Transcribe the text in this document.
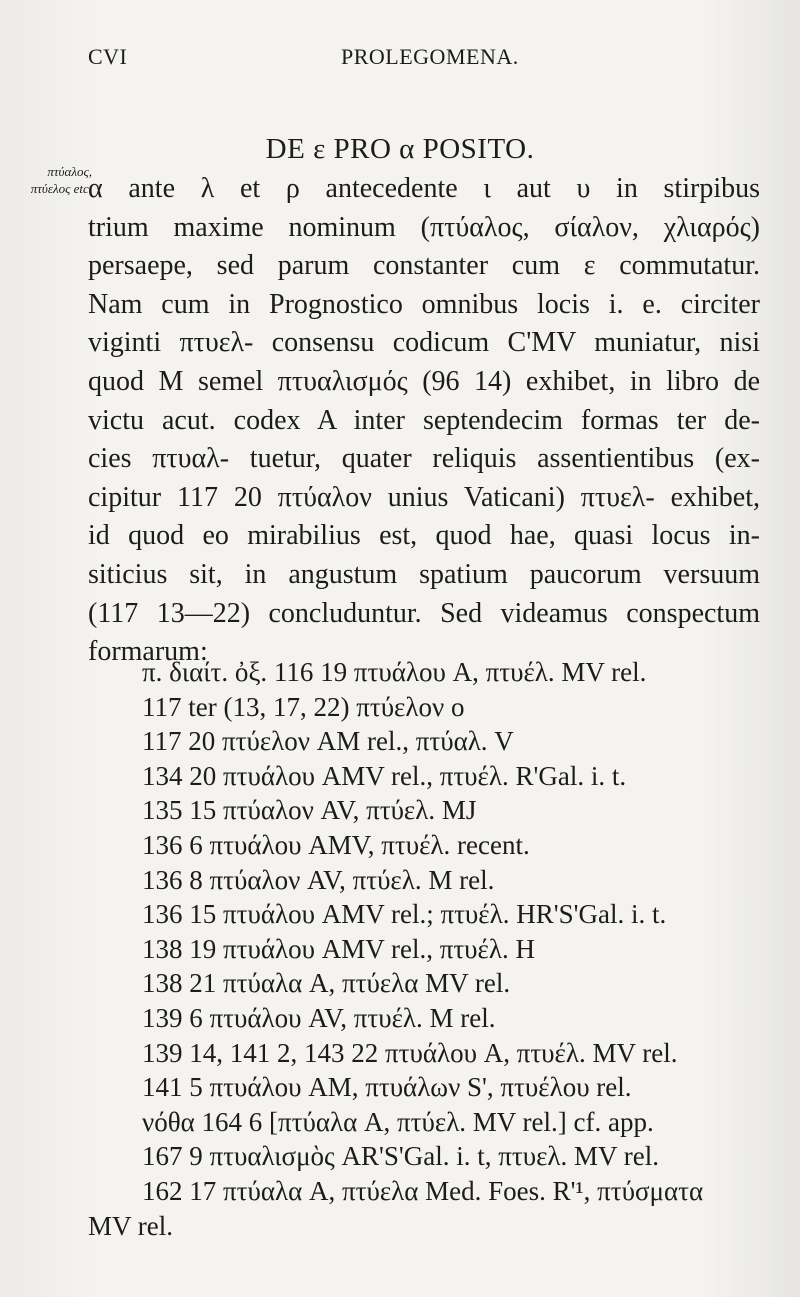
CVI	PROLEGOMENA.
DE ε PRO α POSITO.
πτύαλος,
πτύελος etc.
α ante λ et ρ antecedente ι aut υ in stirpibus
trium maxime nominum (πτύαλος, σίαλον, χλιαρός)
persaepe, sed parum constanter cum ε commutatur.
Nam cum in Prognostico omnibus locis i. e. circiter
viginti πτυελ- consensu codicum C'MV muniatur, nisi
quod M semel πτυαλισμός (96 14) exhibet, in libro de
victu acut. codex A inter septendecim formas ter de-
cies πτυαλ- tuetur, quater reliquis assentientibus (ex-
cipitur 117 20 πτύαλον unius Vaticani) πτυελ- exhibet,
id quod eo mirabilius est, quod hae, quasi locus in-
siticius sit, in angustum spatium paucorum versuum
(117 13—22) concluduntur. Sed videamus conspectum
formarum:
π. διαίτ. ὀξ. 116 19 πτυάλου A, πτυέλ. MV rel.
117 ter (13, 17, 22) πτύελον o
117 20 πτύελον AM rel., πτύαλ. V
134 20 πτυάλου AMV rel., πτυέλ. R'Gal. i. t.
135 15 πτύαλον AV, πτύελ. MJ
136 6 πτυάλου AMV, πτυέλ. recent.
136 8 πτύαλον AV, πτύελ. M rel.
136 15 πτυάλου AMV rel.; πτυέλ. HR'S'Gal. i. t.
138 19 πτυάλου AMV rel., πτυέλ. H
138 21 πτύαλα A, πτύελα MV rel.
139 6 πτυάλου AV, πτυέλ. M rel.
139 14, 141 2, 143 22 πτυάλου A, πτυέλ. MV rel.
141 5 πτυάλου AM, πτυάλων S', πτυέλου rel.
νόθα 164 6 [πτύαλα A, πτύελ. MV rel.] cf. app.
167 9 πτυαλισμὸς AR'S'Gal. i. t, πτυελ. MV rel.
162 17 πτύαλα A, πτύελα Med. Foes. R'¹, πτύσματα
MV rel.
